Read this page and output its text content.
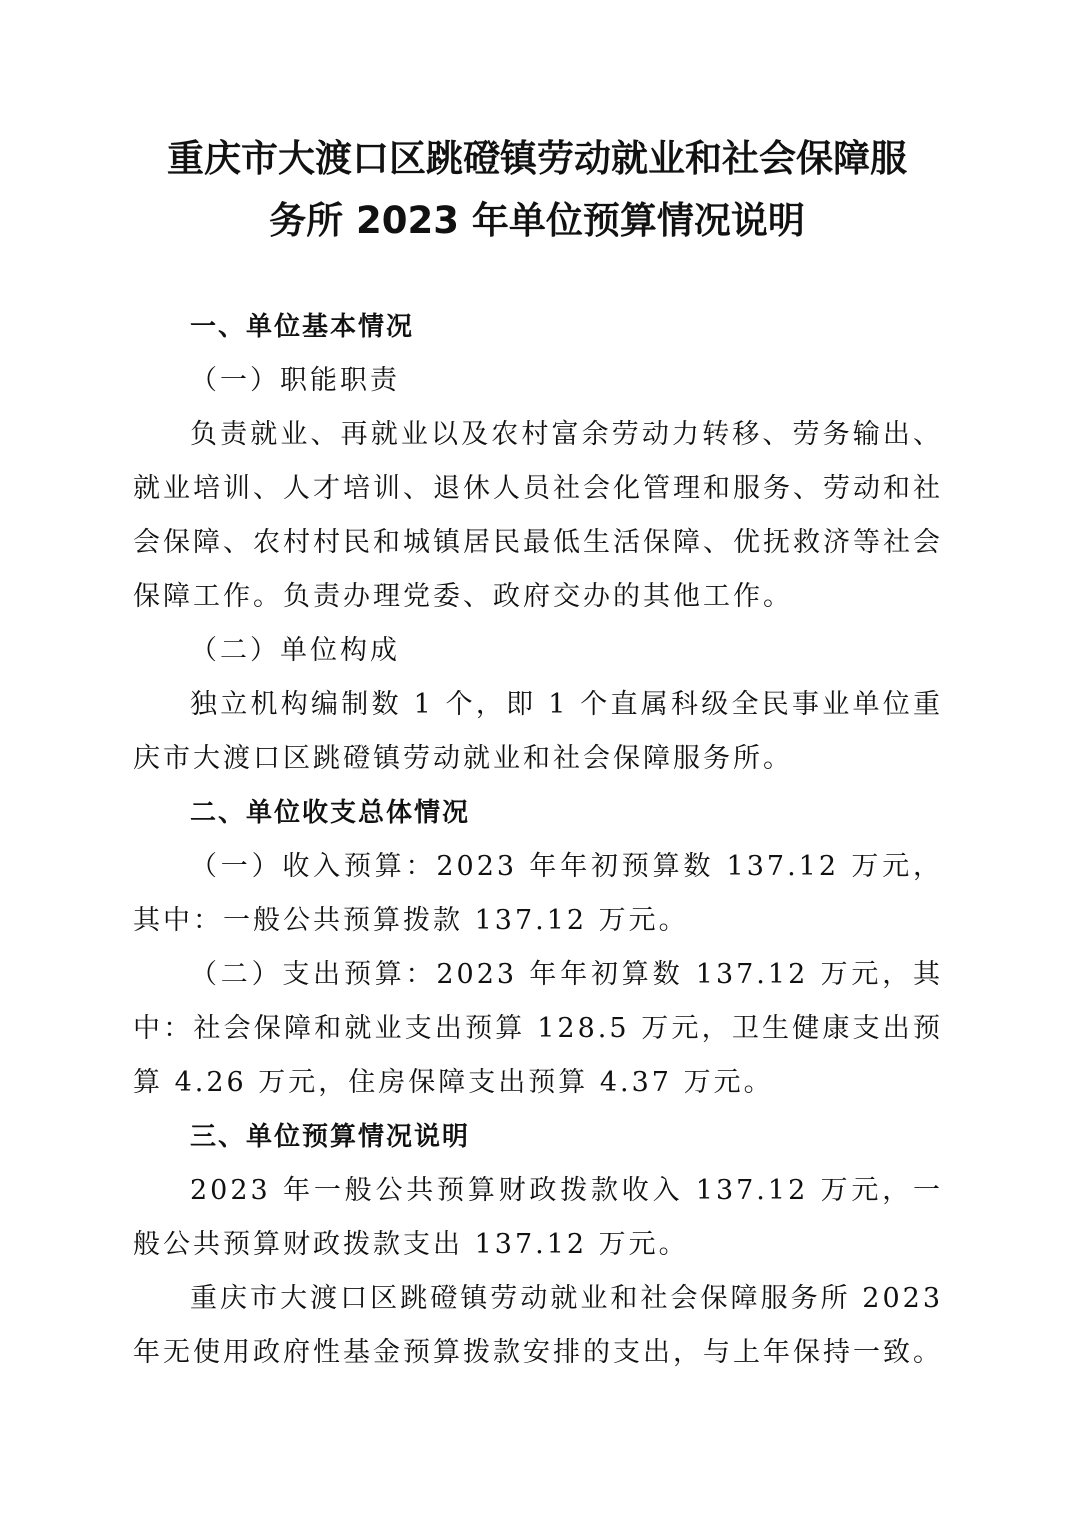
重庆市大渡口区跳磴镇劳动就业和社会保障服
务所 2023 年单位预算情况说明

一、单位基本情况

（一）职能职责

负责就业、再就业以及农村富余劳动力转移、劳务输出、就业培训、人才培训、退休人员社会化管理和服务、劳动和社会保障、农村村民和城镇居民最低生活保障、优抚救济等社会保障工作。负责办理党委、政府交办的其他工作。

（二）单位构成

独立机构编制数 1 个，即 1 个直属科级全民事业单位重庆市大渡口区跳磴镇劳动就业和社会保障服务所。

二、单位收支总体情况

（一）收入预算：2023 年年初预算数 137.12 万元，其中：一般公共预算拨款 137.12 万元。

（二）支出预算：2023 年年初算数 137.12 万元，其中：社会保障和就业支出预算 128.5 万元，卫生健康支出预算 4.26 万元，住房保障支出预算 4.37 万元。

三、单位预算情况说明

2023 年一般公共预算财政拨款收入 137.12 万元，一般公共预算财政拨款支出 137.12 万元。

重庆市大渡口区跳磴镇劳动就业和社会保障服务所 2023 年无使用政府性基金预算拨款安排的支出，与上年保持一致。
